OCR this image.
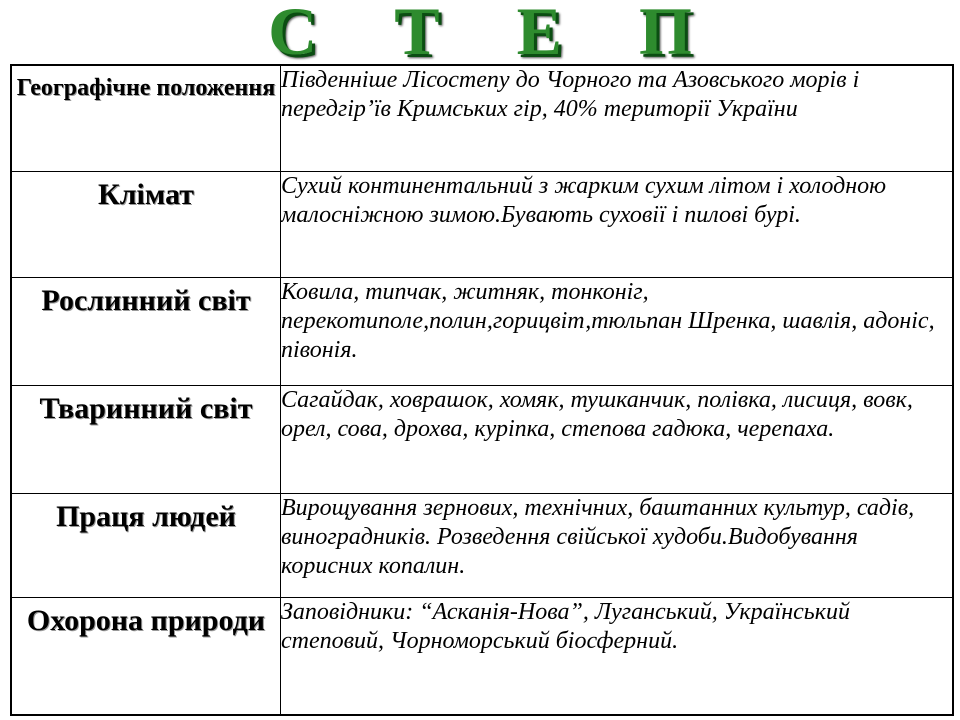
С Т Е П
Географічне положення	Південніше Лісостепу до Чорного та Азовського морів і передгір’їв Кримських гір, 40% території України
Клімат	Сухий континентальний з жарким сухим літом і холодною малосніжною зимою.Бувають суховії і пилові бурі.
Рослинний світ	Ковила, типчак, житняк, тонконіг, перекотиполе,полин,горицвіт,тюльпан Шренка, шавлія, адоніс, півонія.
Тваринний світ	Сагайдак, ховрашок, хомяк, тушканчик, полівка, лисиця, вовк, орел, сова, дрохва, куріпка, степова гадюка, черепаха.
Праця людей	Вирощування зернових, технічних, баштанних культур, садів, виноградників. Розведення свійської худоби.Видобування корисних копалин.
Охорона природи	Заповідники: “Асканія-Нова”, Луганський, Український степовий, Чорноморський біосферний.
